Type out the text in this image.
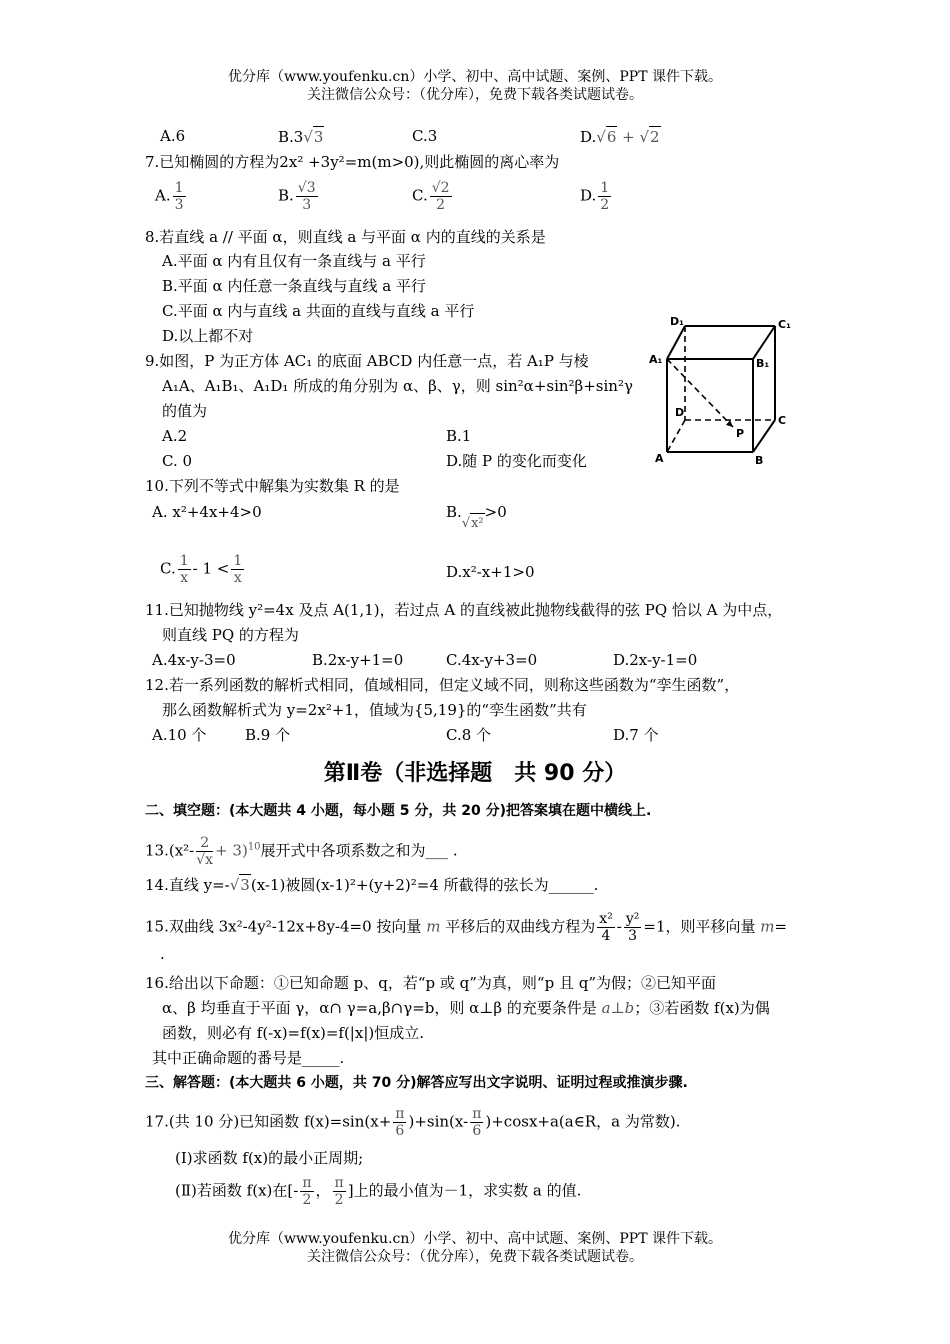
优分库（www.youfenku.cn）小学、初中、高中试题、案例、PPT 课件下载。
关注微信公众号：（优分库），免费下载各类试题试卷。
A.6	B.3√3	C.3	D.√6 + √2
7.已知椭圆的方程为2x² +3y²=m(m>0),则此椭圆的离心率为
A. $\frac{1}{3}$	B. $\frac{√3}{3}$	C. $\frac{√2}{2}$	D. $\frac{1}{2}$
8.若直线 a // 平面 α，则直线 a 与平面 α 内的直线的关系是
A.平面 α 内有且仅有一条直线与 a 平行
B.平面 α 内任意一条直线与直线 a 平行
C.平面 α 内与直线 a 共面的直线与直线 a 平行
D.以上都不对
9.如图，P 为正方体 AC₁ 的底面 ABCD 内任意一点，若 A₁P 与棱
A₁A、A₁B₁、A₁D₁ 所成的角分别为 α、β、γ，则 sin²α+sin²β+sin²γ
的值为
A.2	B.1
C. 0	D.随 P 的变化而变化
D₁	C₁
A₁	B₁
D
C
P
A	B
10.下列不等式中解集为实数集 R 的是
A. x²+4x+4>0	B.√x²>0
C. $\frac{1}{x} - 1 < \frac{1}{x}$	D.x²-x+1>0
11.已知抛物线 y²=4x 及点 A(1,1)，若过点 A 的直线被此抛物线截得的弦 PQ 恰以 A 为中点，
则直线 PQ 的方程为
A.4x-y-3=0	B.2x-y+1=0	C.4x-y+3=0	D.2x-y-1=0
12.若一系列函数的解析式相同，值域相同，但定义域不同，则称这些函数为“孪生函数”，
那么函数解析式为 y=2x²+1，值域为{5,19}的“孪生函数”共有
A.10 个	B.9 个	C.8 个	D.7 个
第Ⅱ卷（非选择题　共 90 分）
二、填空题：(本大题共 4 小题，每小题 5 分，共 20 分)把答案填在题中横线上.
$13.(x^2- \frac{2}{√x} + 3)^{10}$展开式中各项系数之和为___ .
14.直线 y=-√3(x-1)被圆(x-1)²+(y+2)²=4 所截得的弦长为______.
15.双曲线 3x²-4y²-12x+8y-4=0 按向量 m 平移后的双曲线方程为 $\frac{\text{x²}}{4} - \frac{\text{y²}}{3} =1$，则平移向量 m=
.
16.给出以下命题：①已知命题 p、q，若“p 或 q”为真，则“p 且 q”为假；②已知平面
α、β 均垂直于平面 γ，α∩ γ=a,β∩γ=b，则 α⊥β 的充要条件是 a⊥b；③若函数 f(x)为偶
函数，则必有 f(-x)=f(x)=f(|x|)恒成立.
其中正确命题的番号是_____.
三、解答题：(本大题共 6 小题，共 70 分)解答应写出文字说明、证明过程或推演步骤.
17.(共 10 分)已知函数 $f(x)=\sin(x+ \frac{\pi}{6} )+\sin(x- \frac{\pi}{6}$ )+cosx+a(a∈R，a 为常数).
(Ⅰ)求函数 f(x)的最小正周期;
(Ⅱ)若函数 f(x)在[- $\frac{\pi}{2}$ ， $\frac{\pi}{2}$ ]上的最小值为－1，求实数 a 的值.
优分库（www.youfenku.cn）小学、初中、高中试题、案例、PPT 课件下载。
关注微信公众号：（优分库），免费下载各类试题试卷。
